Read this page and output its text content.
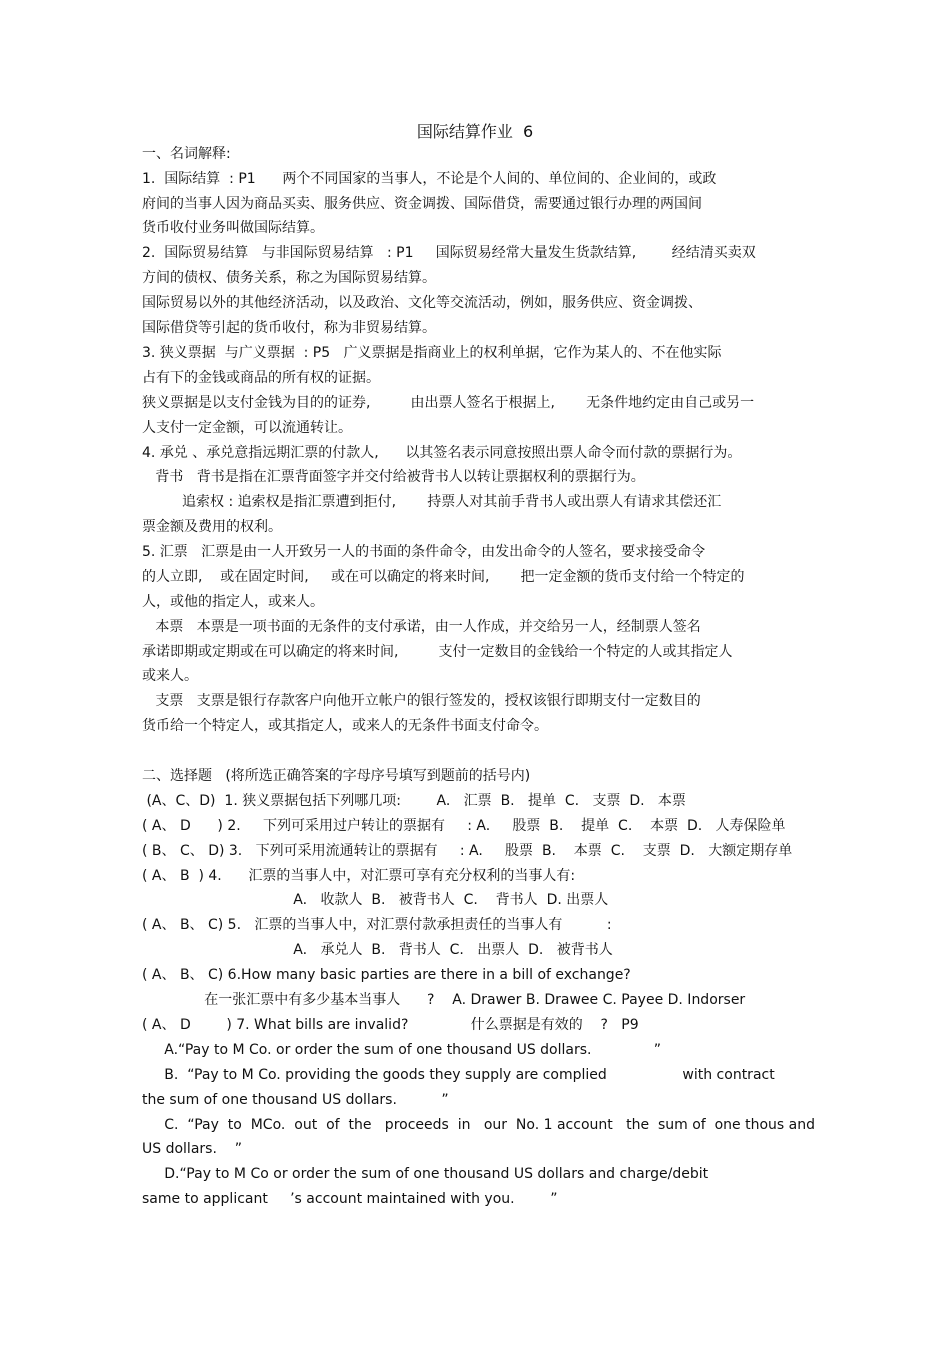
国际结算作业  6

一、名词解释:

1.  国际结算  : P1      两个不同国家的当事人，不论是个人间的、单位间的、企业间的，或政

府间的当事人因为商品买卖、服务供应、资金调拨、国际借贷，需要通过银行办理的两国间

货币收付业务叫做国际结算。

2.  国际贸易结算   与非国际贸易结算   : P1     国际贸易经常大量发生货款结算,        经结清买卖双

方间的债权、债务关系，称之为国际贸易结算。

国际贸易以外的其他经济活动，以及政治、文化等交流活动，例如，服务供应、资金调拨、

国际借贷等引起的货币收付，称为非贸易结算。

3. 狭义票据  与广义票据  : P5   广义票据是指商业上的权利单据，它作为某人的、不在他实际

占有下的金钱或商品的所有权的证据。

狭义票据是以支付金钱为目的的证券,         由出票人签名于根据上,       无条件地约定由自己或另一

人支付一定金额，可以流通转让。

4. 承兑 、承兑意指远期汇票的付款人,      以其签名表示同意按照出票人命令而付款的票据行为。

背书   背书是指在汇票背面签字并交付给被背书人以转让票据权利的票据行为。

追索权 : 追索权是指汇票遭到拒付,       持票人对其前手背书人或出票人有请求其偿还汇

票金额及费用的权利。

5. 汇票   汇票是由一人开致另一人的书面的条件命令，由发出命令的人签名，要求接受命令

的人立即,    或在固定时间,     或在可以确定的将来时间,       把一定金额的货币支付给一个特定的

人，或他的指定人，或来人。

本票   本票是一项书面的无条件的支付承诺，由一人作成，并交给另一人，经制票人签名

承诺即期或定期或在可以确定的将来时间,         支付一定数目的金钱给一个特定的人或其指定人

或来人。

支票   支票是银行存款客户向他开立帐户的银行签发的，授权该银行即期支付一定数目的

货币给一个特定人，或其指定人，或来人的无条件书面支付命令。

二、选择题   (将所选正确答案的字母序号填写到题前的括号内)

(A、C、D)  1. 狭义票据包括下列哪几项:        A.   汇票  B.   提单  C.   支票  D.   本票

( A、 D      ) 2.     下列可采用过户转让的票据有     : A.     股票  B.    提单  C.    本票  D.   人寿保险单

( B、 C、 D) 3.   下列可采用流通转让的票据有     : A.     股票  B.    本票  C.    支票  D.   大额定期存单

( A、 B  ) 4.      汇票的当事人中，对汇票可享有充分权利的当事人有:

A.   收款人  B.   被背书人  C.    背书人  D. 出票人

( A、 B、 C) 5.   汇票的当事人中，对汇票付款承担责任的当事人有          :

A.   承兑人  B.   背书人  C.   出票人  D.   被背书人

( A、 B、 C) 6.How many basic parties are there in a bill of exchange?

在一张汇票中有多少基本当事人      ?    A. Drawer B. Drawee C. Payee D. Indorser

( A、 D        ) 7. What bills are invalid?              什么票据是有效的    ?   P9

A.“Pay to M Co. or order the sum of one thousand US dollars.              ”

B.  “Pay to M Co. providing the goods they supply are complied                 with contract

the sum of one thousand US dollars.          ”

C.  “Pay  to  MCo.  out  of  the   proceeds  in   our  No. 1 account   the  sum of  one thous and

US dollars.    ”

D.“Pay to M Co or order the sum of one thousand US dollars and charge/debit

same to applicant     ’s account maintained with you.        ”
